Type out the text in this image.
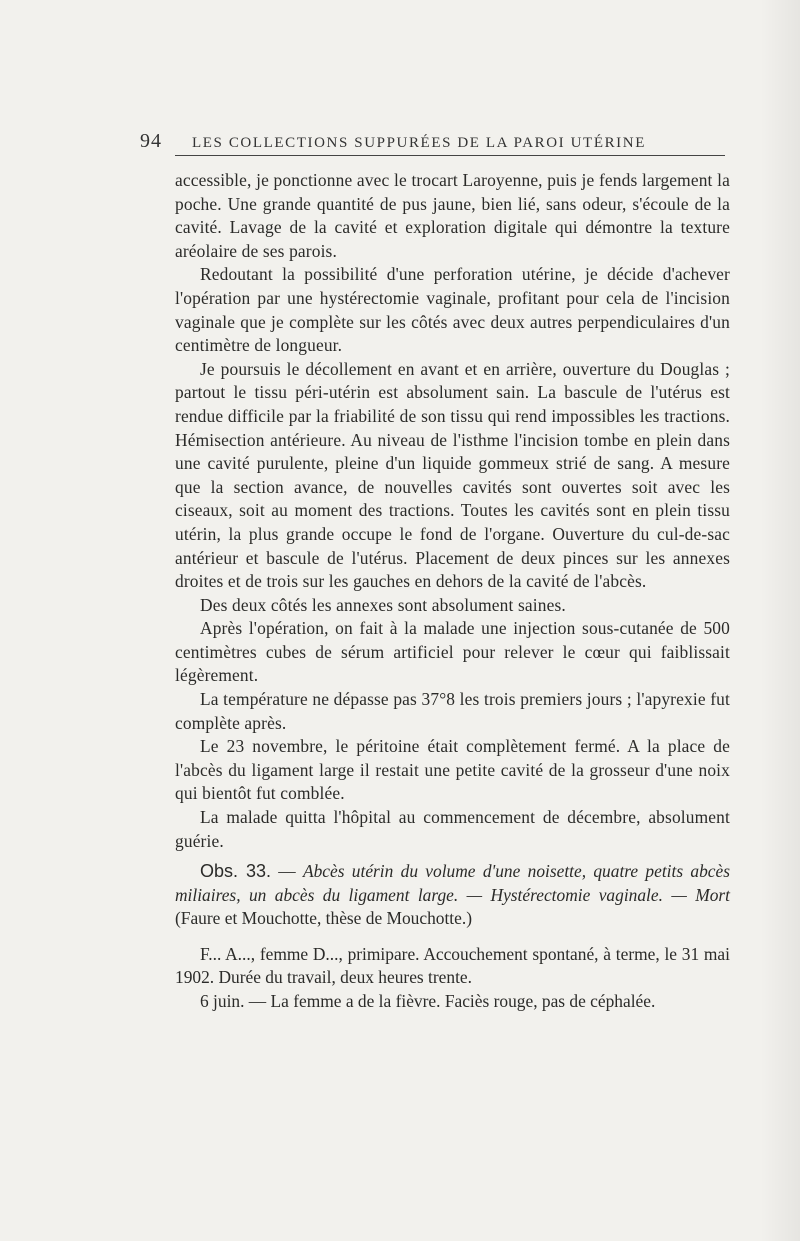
94 LES COLLECTIONS SUPPURÉES DE LA PAROI UTÉRINE

accessible, je ponctionne avec le trocart Laroyenne, puis je fends largement la poche. Une grande quantité de pus jaune, bien lié, sans odeur, s'écoule de la cavité. Lavage de la cavité et exploration digitale qui démontre la texture aréolaire de ses parois.

Redoutant la possibilité d'une perforation utérine, je décide d'achever l'opération par une hystérectomie vaginale, profitant pour cela de l'incision vaginale que je complète sur les côtés avec deux autres perpendiculaires d'un centimètre de longueur.

Je poursuis le décollement en avant et en arrière, ouverture du Douglas ; partout le tissu péri-utérin est absolument sain. La bascule de l'utérus est rendue difficile par la friabilité de son tissu qui rend impossibles les tractions. Hémisection antérieure. Au niveau de l'isthme l'incision tombe en plein dans une cavité purulente, pleine d'un liquide gommeux strié de sang. A mesure que la section avance, de nouvelles cavités sont ouvertes soit avec les ciseaux, soit au moment des tractions. Toutes les cavités sont en plein tissu utérin, la plus grande occupe le fond de l'organe. Ouverture du cul-de-sac antérieur et bascule de l'utérus. Placement de deux pinces sur les annexes droites et de trois sur les gauches en dehors de la cavité de l'abcès.

Des deux côtés les annexes sont absolument saines.

Après l'opération, on fait à la malade une injection sous-cutanée de 500 centimètres cubes de sérum artificiel pour relever le cœur qui faiblissait légèrement.

La température ne dépasse pas 37°8 les trois premiers jours ; l'apyrexie fut complète après.

Le 23 novembre, le péritoine était complètement fermé. A la place de l'abcès du ligament large il restait une petite cavité de la grosseur d'une noix qui bientôt fut comblée.

La malade quitta l'hôpital au commencement de décembre, absolument guérie.

Obs. 33. — Abcès utérin du volume d'une noisette, quatre petits abcès miliaires, un abcès du ligament large. — Hystérectomie vaginale. — Mort (Faure et Mouchotte, thèse de Mouchotte.)

F... A..., femme D..., primipare. Accouchement spontané, à terme, le 31 mai 1902. Durée du travail, deux heures trente.

6 juin. — La femme a de la fièvre. Faciès rouge, pas de céphalée.
